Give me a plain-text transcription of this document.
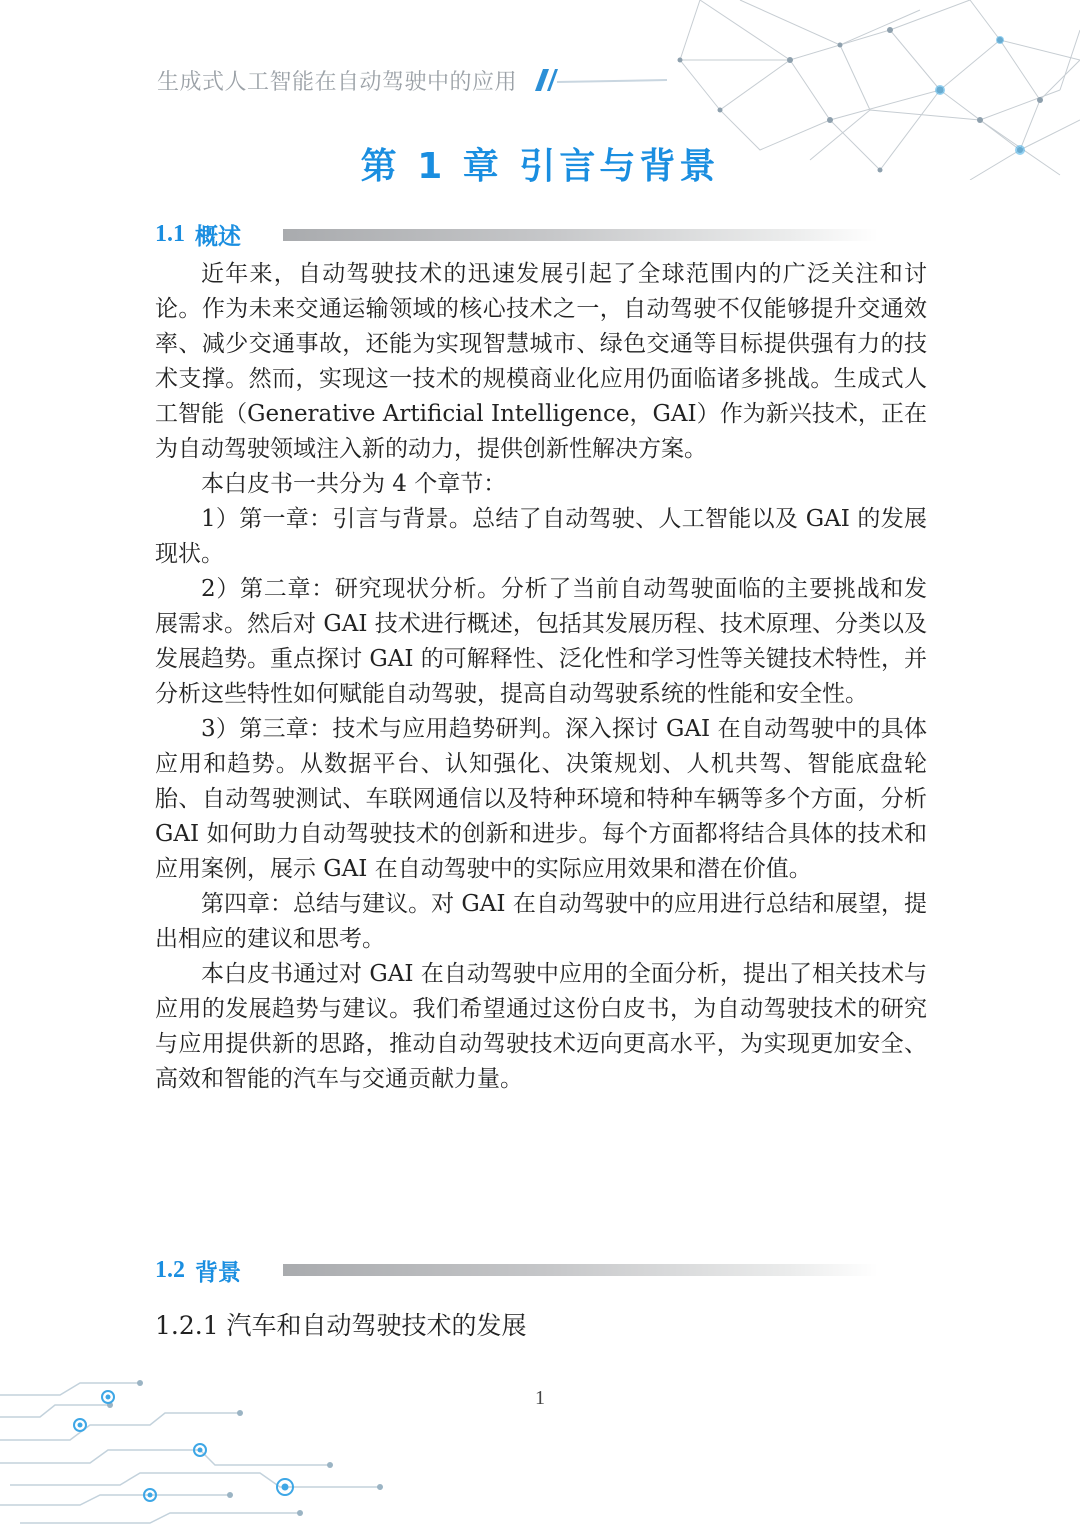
生成式人工智能在自动驾驶中的应用
第 1 章 引言与背景
1.1 概述

近年来，自动驾驶技术的迅速发展引起了全球范围内的广泛关注和讨论。作为未来交通运输领域的核心技术之一，自动驾驶不仅能够提升交通效率、减少交通事故，还能为实现智慧城市、绿色交通等目标提供强有力的技术支撑。然而，实现这一技术的规模商业化应用仍面临诸多挑战。生成式人工智能（Generative Artificial Intelligence，GAI）作为新兴技术，正在为自动驾驶领域注入新的动力，提供创新性解决方案。

本白皮书一共分为 4 个章节：

1）第一章：引言与背景。总结了自动驾驶、人工智能以及 GAI 的发展现状。

2）第二章：研究现状分析。分析了当前自动驾驶面临的主要挑战和发展需求。然后对 GAI 技术进行概述，包括其发展历程、技术原理、分类以及发展趋势。重点探讨 GAI 的可解释性、泛化性和学习性等关键技术特性，并分析这些特性如何赋能自动驾驶，提高自动驾驶系统的性能和安全性。

3）第三章：技术与应用趋势研判。深入探讨 GAI 在自动驾驶中的具体应用和趋势。从数据平台、认知强化、决策规划、人机共驾、智能底盘轮胎、自动驾驶测试、车联网通信以及特种环境和特种车辆等多个方面，分析 GAI 如何助力自动驾驶技术的创新和进步。每个方面都将结合具体的技术和应用案例，展示 GAI 在自动驾驶中的实际应用效果和潜在价值。

第四章：总结与建议。对 GAI 在自动驾驶中的应用进行总结和展望，提出相应的建议和思考。

本白皮书通过对 GAI 在自动驾驶中应用的全面分析，提出了相关技术与应用的发展趋势与建议。我们希望通过这份白皮书，为自动驾驶技术的研究与应用提供新的思路，推动自动驾驶技术迈向更高水平，为实现更加安全、高效和智能的汽车与交通贡献力量。

1.2 背景
1.2.1 汽车和自动驾驶技术的发展
1
